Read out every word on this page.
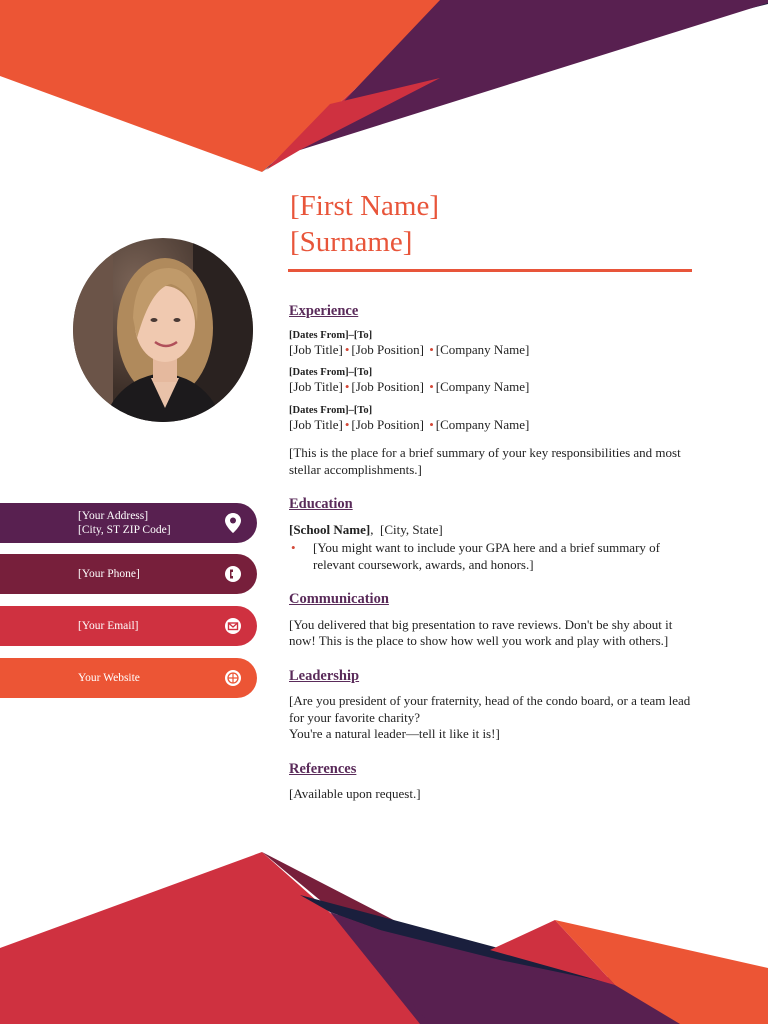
[First Name]
[Surname]
[Your Address]
[City, ST ZIP Code]
[Your Phone]
[Your Email]
Your Website
Experience
[Dates From]–[To]
[Job Title] • [Job Position] • [Company Name]
[Dates From]–[To]
[Job Title] • [Job Position] • [Company Name]
[Dates From]–[To]
[Job Title] • [Job Position] • [Company Name]

[This is the place for a brief summary of your key responsibilities and most stellar accomplishments.]

Education
[School Name],  [City, State]
• [You might want to include your GPA here and a brief summary of relevant coursework, awards, and honors.]
Communication

[You delivered that big presentation to rave reviews. Don't be shy about it now! This is the place to show how well you work and play with others.]

Leadership

[Are you president of your fraternity, head of the condo board, or a team lead for your favorite charity?

You're a natural leader—tell it like it is!]

References

[Available upon request.]
